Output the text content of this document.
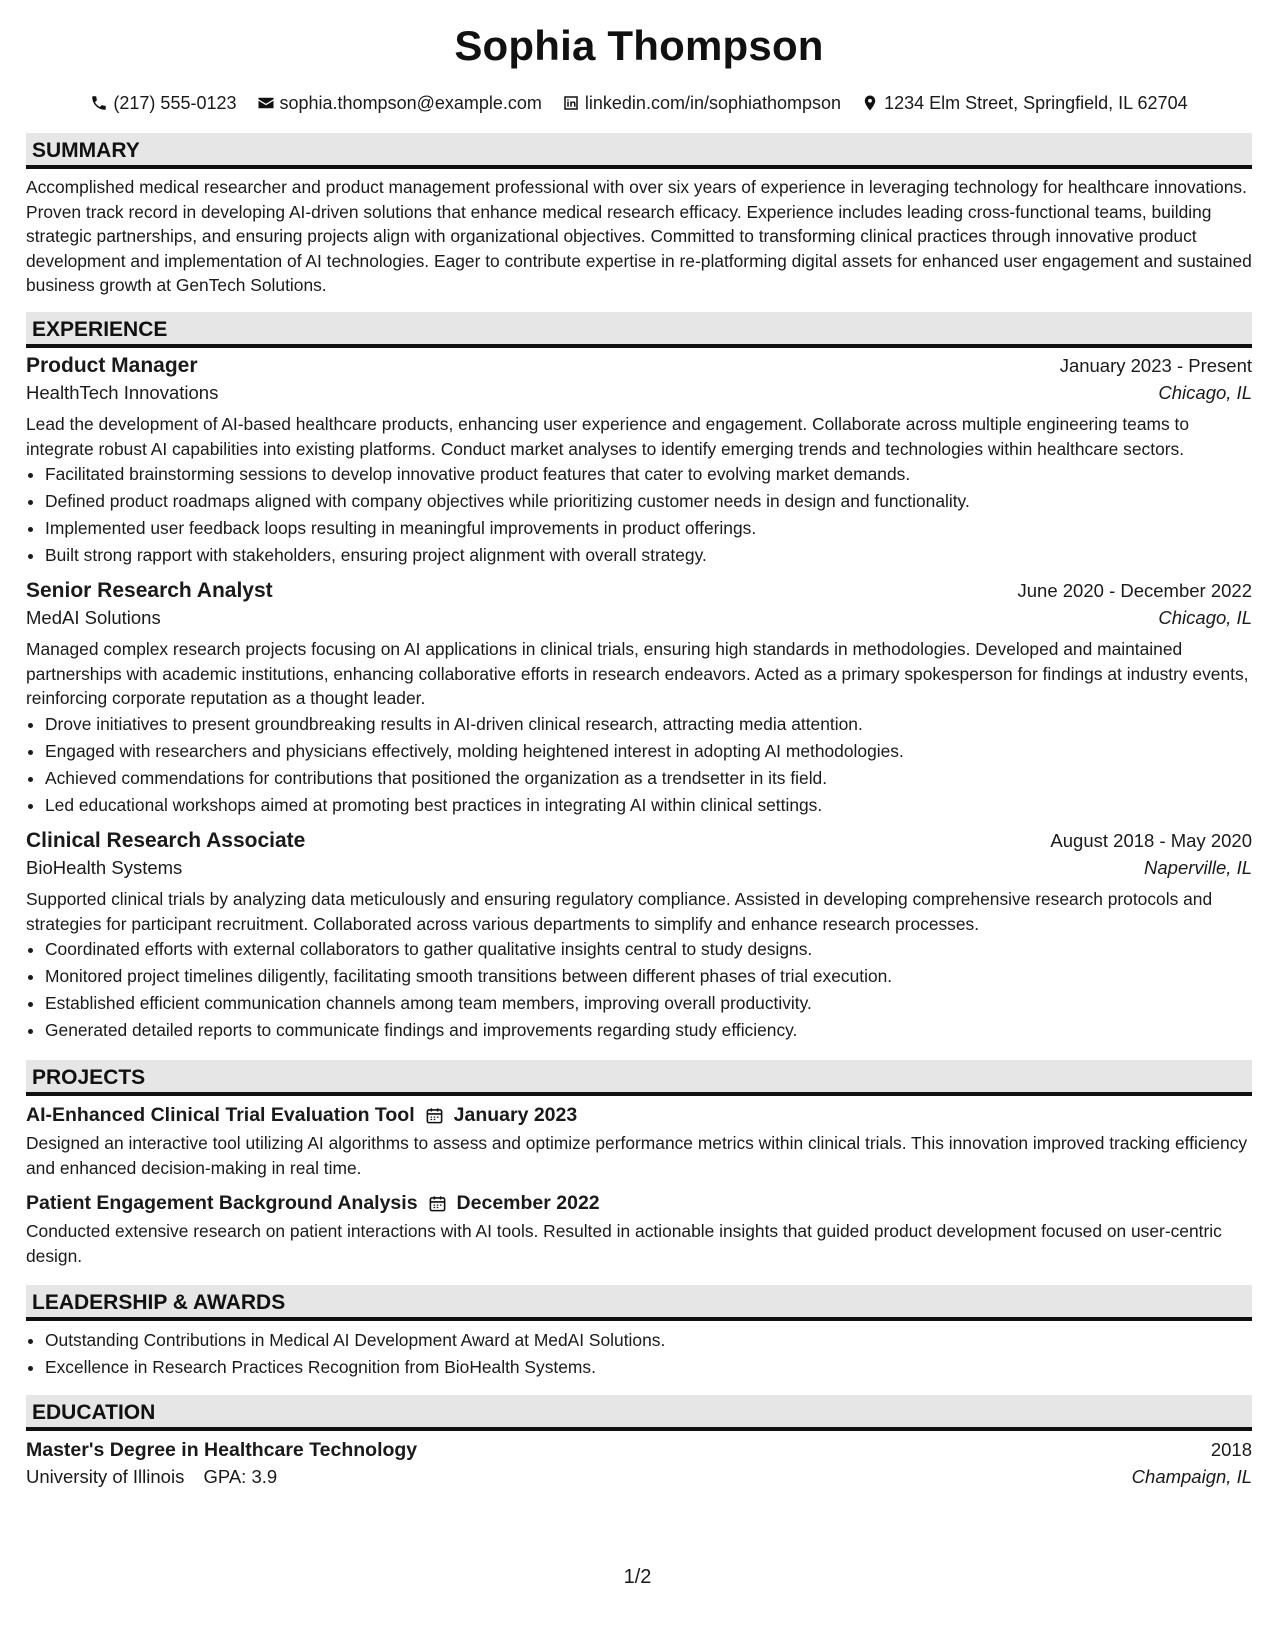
Sophia Thompson
(217) 555-0123 sophia.thompson@example.com linkedin.com/in/sophiathompson 1234 Elm Street, Springfield, IL 62704
SUMMARY
Accomplished medical researcher and product management professional with over six years of experience in leveraging technology for healthcare innovations. Proven track record in developing AI-driven solutions that enhance medical research efficacy. Experience includes leading cross-functional teams, building strategic partnerships, and ensuring projects align with organizational objectives. Committed to transforming clinical practices through innovative product development and implementation of AI technologies. Eager to contribute expertise in re-platforming digital assets for enhanced user engagement and sustained business growth at GenTech Solutions.
EXPERIENCE
Product Manager	January 2023 - Present
HealthTech Innovations	Chicago, IL
Lead the development of AI-based healthcare products, enhancing user experience and engagement. Collaborate across multiple engineering teams to integrate robust AI capabilities into existing platforms. Conduct market analyses to identify emerging trends and technologies within healthcare sectors.
• Facilitated brainstorming sessions to develop innovative product features that cater to evolving market demands.
• Defined product roadmaps aligned with company objectives while prioritizing customer needs in design and functionality.
• Implemented user feedback loops resulting in meaningful improvements in product offerings.
• Built strong rapport with stakeholders, ensuring project alignment with overall strategy.
Senior Research Analyst	June 2020 - December 2022
MedAI Solutions	Chicago, IL
Managed complex research projects focusing on AI applications in clinical trials, ensuring high standards in methodologies. Developed and maintained partnerships with academic institutions, enhancing collaborative efforts in research endeavors. Acted as a primary spokesperson for findings at industry events, reinforcing corporate reputation as a thought leader.
• Drove initiatives to present groundbreaking results in AI-driven clinical research, attracting media attention.
• Engaged with researchers and physicians effectively, molding heightened interest in adopting AI methodologies.
• Achieved commendations for contributions that positioned the organization as a trendsetter in its field.
• Led educational workshops aimed at promoting best practices in integrating AI within clinical settings.
Clinical Research Associate	August 2018 - May 2020
BioHealth Systems	Naperville, IL
Supported clinical trials by analyzing data meticulously and ensuring regulatory compliance. Assisted in developing comprehensive research protocols and strategies for participant recruitment. Collaborated across various departments to simplify and enhance research processes.
• Coordinated efforts with external collaborators to gather qualitative insights central to study designs.
• Monitored project timelines diligently, facilitating smooth transitions between different phases of trial execution.
• Established efficient communication channels among team members, improving overall productivity.
• Generated detailed reports to communicate findings and improvements regarding study efficiency.
PROJECTS
AI-Enhanced Clinical Trial Evaluation Tool January 2023
Designed an interactive tool utilizing AI algorithms to assess and optimize performance metrics within clinical trials. This innovation improved tracking efficiency and enhanced decision-making in real time.
Patient Engagement Background Analysis December 2022
Conducted extensive research on patient interactions with AI tools. Resulted in actionable insights that guided product development focused on user-centric design.
LEADERSHIP & AWARDS
• Outstanding Contributions in Medical AI Development Award at MedAI Solutions.
• Excellence in Research Practices Recognition from BioHealth Systems.
EDUCATION
Master's Degree in Healthcare Technology	2018
University of Illinois GPA: 3.9	Champaign, IL
1/2
